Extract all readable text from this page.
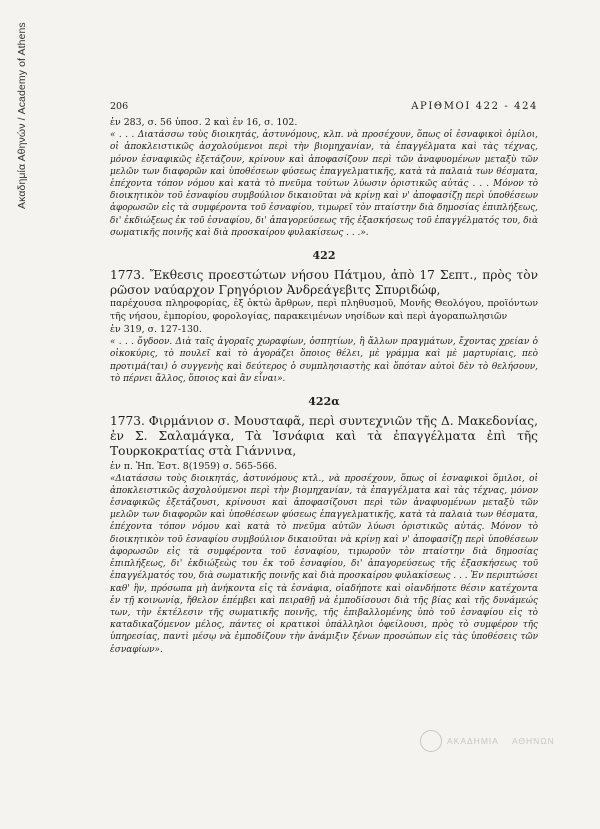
Ακαδημία Αθηνών / Academy of Athens	206	ΑΡΙΘΜΟΙ 422 - 424
ἐν 283, σ. 56 ὑποσ. 2 καὶ ἐν 16, σ. 102.
« . . . Διατάσσω τοὺς διοικητάς, ἀστυνόμους, κλπ. νὰ προσέχουν, ὅπως οἱ ἐσναφικοὶ ὁμίλοι, οἱ ἀποκλειστικῶς ἀσχολούμενοι περὶ τὴν βιομηχανίαν, τὰ ἐπαγγέλματα καὶ τὰς τέχνας, μόνον ἐσναφικῶς ἐξετάζουν, κρίνουν καὶ ἀποφασίζουν περὶ τῶν ἀναφυομένων μεταξὺ τῶν μελῶν των διαφορῶν καὶ ὑποθέσεων φύσεως ἐπαγγελματικῆς, κατὰ τὰ παλαιὰ των θέσματα, ἐπέχοντα τόπον νόμου καὶ κατὰ τὸ πνεῦμα τούτων λύωσιν ὁριστικῶς αὐτάς . . . Μόνον τὸ διοικητικὸν τοῦ ἐσναφίου συμβούλιον δικαιοῦται νὰ κρίνῃ καὶ ν' ἀποφασίζῃ περὶ ὑποθέσεων ἀφορωσῶν εἰς τὰ συμφέροντα τοῦ ἐσναφίου, τιμωρεῖ τὸν πταίστην διὰ δημοσίας ἐπιπλήξεως, δι' ἐκδιώξεως ἐκ τοῦ ἐσναφίου, δι' ἀπαγορεύσεως τῆς ἐξασκήσεως τοῦ ἐπαγγέλματός του, διὰ σωματικῆς ποινῆς καὶ διὰ προσκαίρου φυλακίσεως . . .».
422
1773. Ἔκθεσις προεστώτων νήσου Πάτμου, ἀπὸ 17 Σεπτ., πρὸς τὸν ρῶσον ναύαρχον Γρηγόριον Ἀνδρεάγεβιτς Σπυριδώφ,
παρέχουσα πληροφορίας, ἐξ ὀκτὼ ἄρθρων, περὶ πληθυσμοῦ, Μονῆς Θεολόγου, προϊόντων τῆς νήσου, ἐμπορίου, φορολογίας, παρακειμένων νησίδων καὶ περὶ ἀγοραπωλησιῶν
ἐν 319, σ. 127-130.
« . . . ὄγδοον. Διὰ ταῖς ἀγοραῖς χωραφίων, ὀσπητίων, ἢ ἄλλων πραγμάτων, ἔχοντας χρείαν ὁ οἰκοκύρις, τὸ πουλεῖ καὶ τὸ ἀγοράζει ὅποιος θέλει, μὲ γράμμα καὶ μὲ μαρτυρίαις, πεὸ προτιμά(ται) ὁ συγγενὴς καὶ δεύτερος ὁ συμπλησιαστὴς καὶ ὅπόταν αὐτοὶ δὲν τὸ θελήσουν, τὸ πέρνει ἄλλος, ὅποιος καὶ ἂν εἶναι».
422α
1773. Φιρμάνιον σ. Μουσταφᾶ, περὶ συντεχνιῶν τῆς Δ. Μακεδονίας, ἐν Σ. Σαλαμάγκα, Τὰ Ἰσνάφια καὶ τὰ ἐπαγγέλματα ἐπὶ τῆς Τουρκοκρατίας στὰ Γιάννινα,
ἐν π. Ἠπ. Ἑστ. 8(1959) σ. 565-566.
«Διατάσσω τοὺς διοικητάς, ἀστυνόμους κτλ., νὰ προσέχουν, ὅπως οἱ ἐσναφικοὶ ὅμιλοι, οἱ ἀποκλειστικῶς ἀσχολούμενοι περὶ τὴν βιομηχανίαν, τὰ ἐπαγγέλματα καὶ τὰς τέχνας, μόνον ἐσναφικῶς ἐξετάζουσι, κρίνουσι καὶ ἀποφασίζουσι περὶ τῶν ἀναφυομένων μεταξὺ τῶν μελῶν των διαφορῶν καὶ ὑποθέσεων φύσεως ἐπαγγελματικῆς, κατὰ τὰ παλαιὰ των θέσματα, ἐπέχοντα τόπον νόμου καὶ κατὰ τὸ πνεῦμα αὐτῶν λύωσι ὁριστικῶς αὐτάς. Μόνον τὸ διοικητικὸν τοῦ ἐσναφίου συμβούλιον δικαιοῦται νὰ κρίνῃ καὶ ν' ἀποφασίζῃ περὶ ὑποθέσεων ἀφορωσῶν εἰς τὰ συμφέροντα τοῦ ἐσναφίου, τιμωροῦν τὸν πταίστην διὰ δημοσίας ἐπιπλήξεως, δι' ἐκδιώξεὼς του ἐκ τοῦ ἐσναφίου, δι' ἀπαγορεύσεως τῆς ἐξασκήσεως τοῦ ἐπαγγέλματός του, διὰ σωματικῆς ποινῆς καὶ διὰ προσκαίρου φυλακίσεως . . . Ἐν περιπτώσει καθ' ἣν, πρόσωπα μὴ ἀνήκοντα εἰς τὰ ἐσνάφια, οἱαδήποτε καὶ οἱανδήποτε θέσιν κατέχοντα ἐν τῇ κοινωνίᾳ, ἤθελον ἐπέμβει καὶ πειραθῇ νὰ ἐμποδίσουσι διὰ τῆς βίας καὶ τῆς δυνάμεώς των, τὴν ἐκτέλεσιν τῆς σωματικῆς ποινῆς, τῆς ἐπιβαλλομένης ὑπὸ τοῦ ἐσναφίου εἰς τὸ καταδικαζόμενον μέλος, πάντες οἱ κρατικοὶ ὑπάλληλοι ὀφείλουσι, πρὸς τὸ συμφέρον τῆς ὑπηρεσίας, παντὶ μέσῳ νὰ ἐμποδίζουν τὴν ἀνάμιξιν ξένων προσώπων εἰς τὰς ὑποθέσεις τῶν ἐσναφίων».
ΑΚΑΔΗΜΙΑ ΑΘΗΝΩΝ
